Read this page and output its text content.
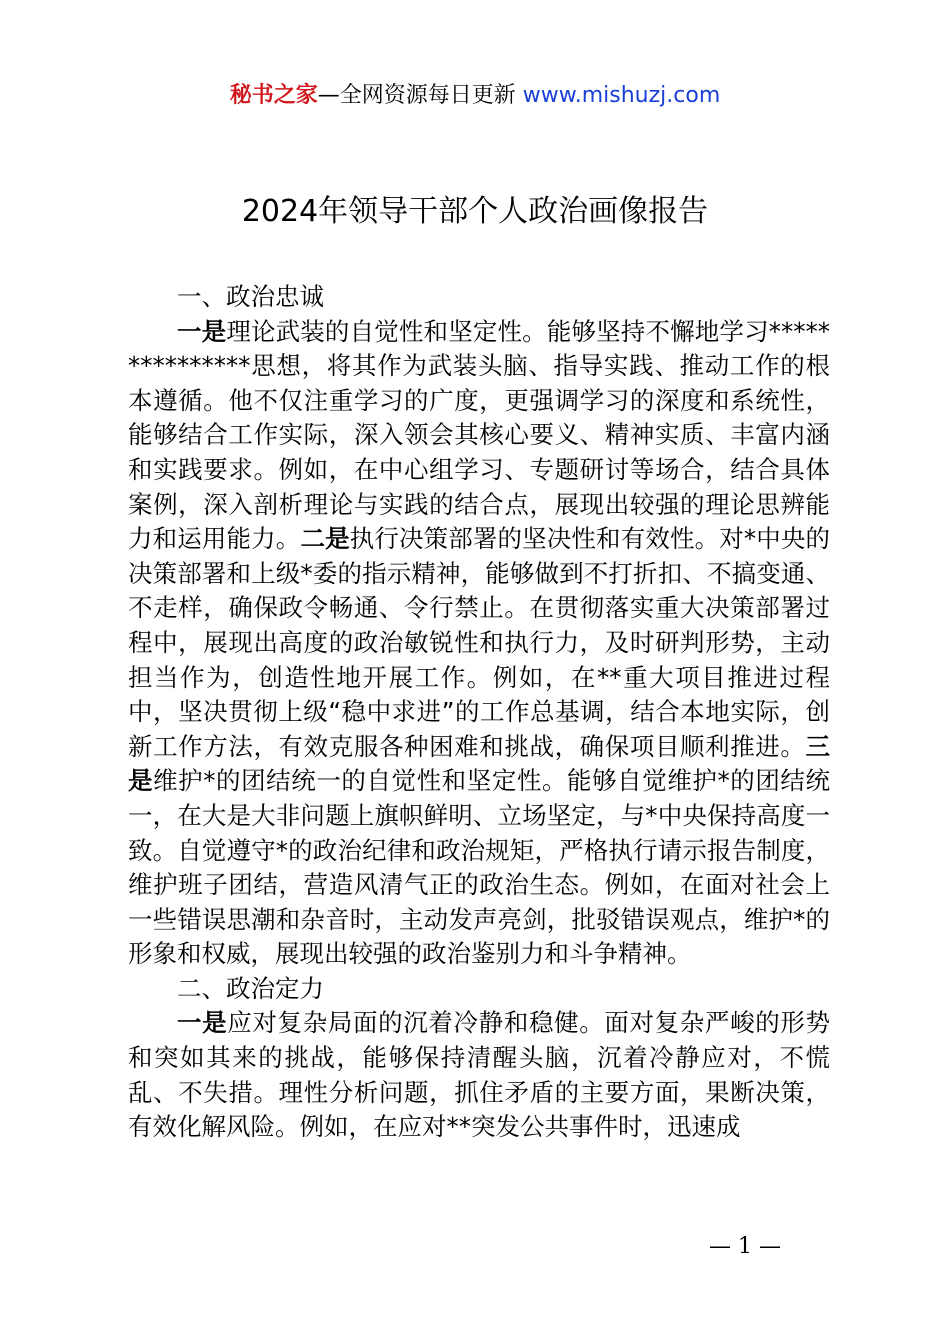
秘书之家—全网资源每日更新 www.mishuzj.com
2024年领导干部个人政治画像报告

一、政治忠诚

一是理论武装的自觉性和坚定性。能够坚持不懈地学习***************思想，将其作为武装头脑、指导实践、推动工作的根本遵循。他不仅注重学习的广度，更强调学习的深度和系统性，能够结合工作实际，深入领会其核心要义、精神实质、丰富内涵和实践要求。例如，在中心组学习、专题研讨等场合，结合具体案例，深入剖析理论与实践的结合点，展现出较强的理论思辨能力和运用能力。二是执行决策部署的坚决性和有效性。对*中央的决策部署和上级*委的指示精神，能够做到不打折扣、不搞变通、不走样，确保政令畅通、令行禁止。在贯彻落实重大决策部署过程中，展现出高度的政治敏锐性和执行力，及时研判形势，主动担当作为，创造性地开展工作。例如，在**重大项目推进过程中，坚决贯彻上级“稳中求进”的工作总基调，结合本地实际，创新工作方法，有效克服各种困难和挑战，确保项目顺利推进。三是维护*的团结统一的自觉性和坚定性。能够自觉维护*的团结统一，在大是大非问题上旗帜鲜明、立场坚定，与*中央保持高度一致。自觉遵守*的政治纪律和政治规矩，严格执行请示报告制度，维护班子团结，营造风清气正的政治生态。例如，在面对社会上一些错误思潮和杂音时，主动发声亮剑，批驳错误观点，维护*的形象和权威，展现出较强的政治鉴别力和斗争精神。

二、政治定力

一是应对复杂局面的沉着冷静和稳健。面对复杂严峻的形势和突如其来的挑战，能够保持清醒头脑，沉着冷静应对，不慌乱、不失措。理性分析问题，抓住矛盾的主要方面，果断决策，有效化解风险。例如，在应对**突发公共事件时，迅速成

— 1 —
